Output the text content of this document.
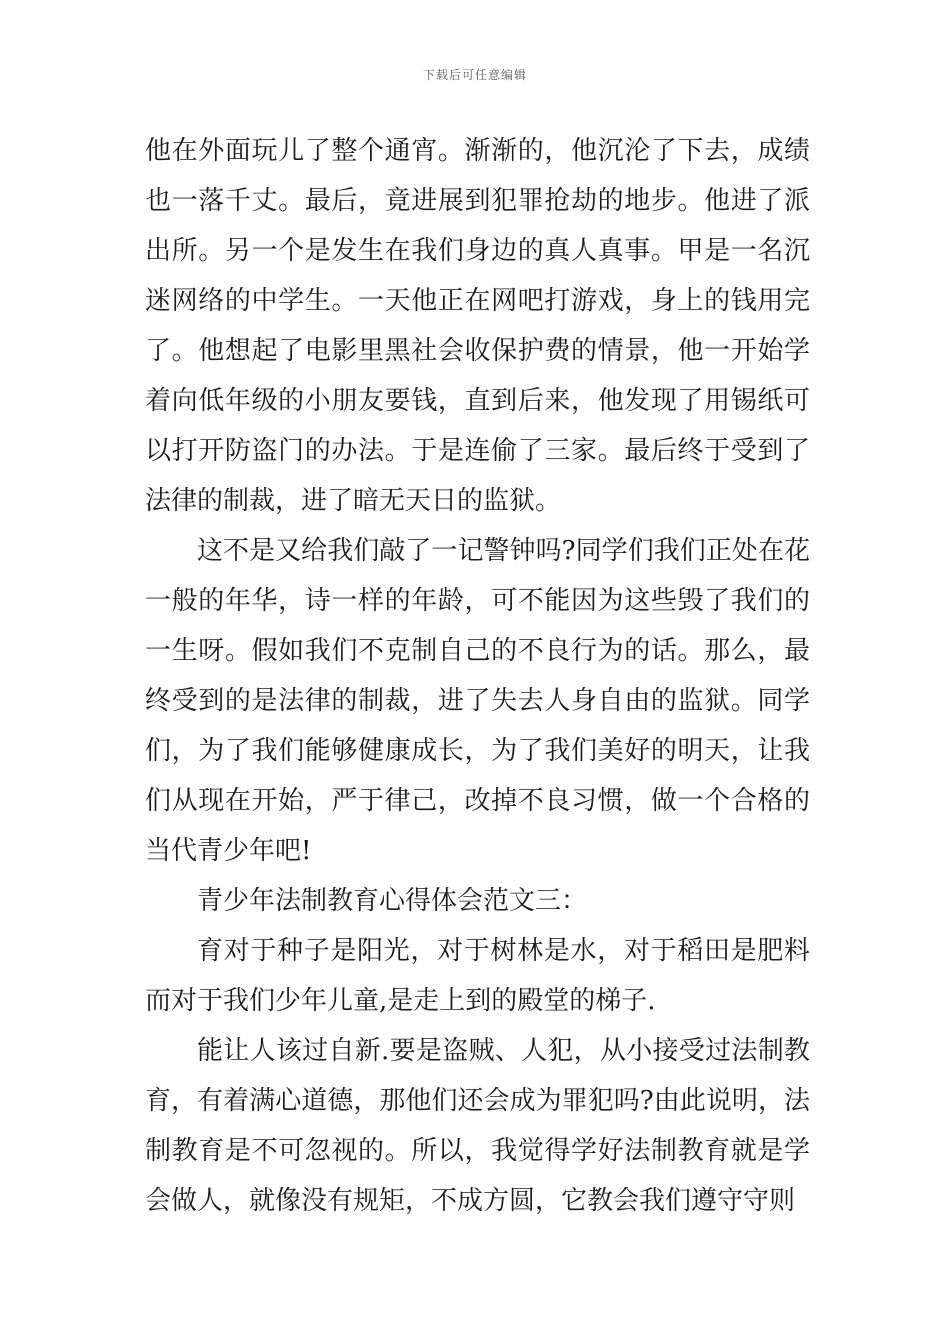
下载后可任意编辑

他在外面玩儿了整个通宵。渐渐的，他沉沦了下去，成绩也一落千丈。最后，竟进展到犯罪抢劫的地步。他进了派出所。另一个是发生在我们身边的真人真事。甲是一名沉迷网络的中学生。一天他正在网吧打游戏，身上的钱用完了。他想起了电影里黑社会收保护费的情景，他一开始学着向低年级的小朋友要钱，直到后来，他发现了用锡纸可以打开防盗门的办法。于是连偷了三家。最后终于受到了法律的制裁，进了暗无天日的监狱。

这不是又给我们敲了一记警钟吗?同学们我们正处在花一般的年华，诗一样的年龄，可不能因为这些毁了我们的一生呀。假如我们不克制自己的不良行为的话。那么，最终受到的是法律的制裁，进了失去人身自由的监狱。同学们，为了我们能够健康成长，为了我们美好的明天，让我们从现在开始，严于律己，改掉不良习惯，做一个合格的当代青少年吧!

青少年法制教育心得体会范文三：

育对于种子是阳光，对于树林是水，对于稻田是肥料而对于我们少年儿童,是走上到的殿堂的梯子.

能让人该过自新.要是盗贼、人犯，从小接受过法制教育，有着满心道德，那他们还会成为罪犯吗?由此说明，法制教育是不可忽视的。所以，我觉得学好法制教育就是学会做人，就像没有规矩，不成方圆，它教会我们遵守守则
